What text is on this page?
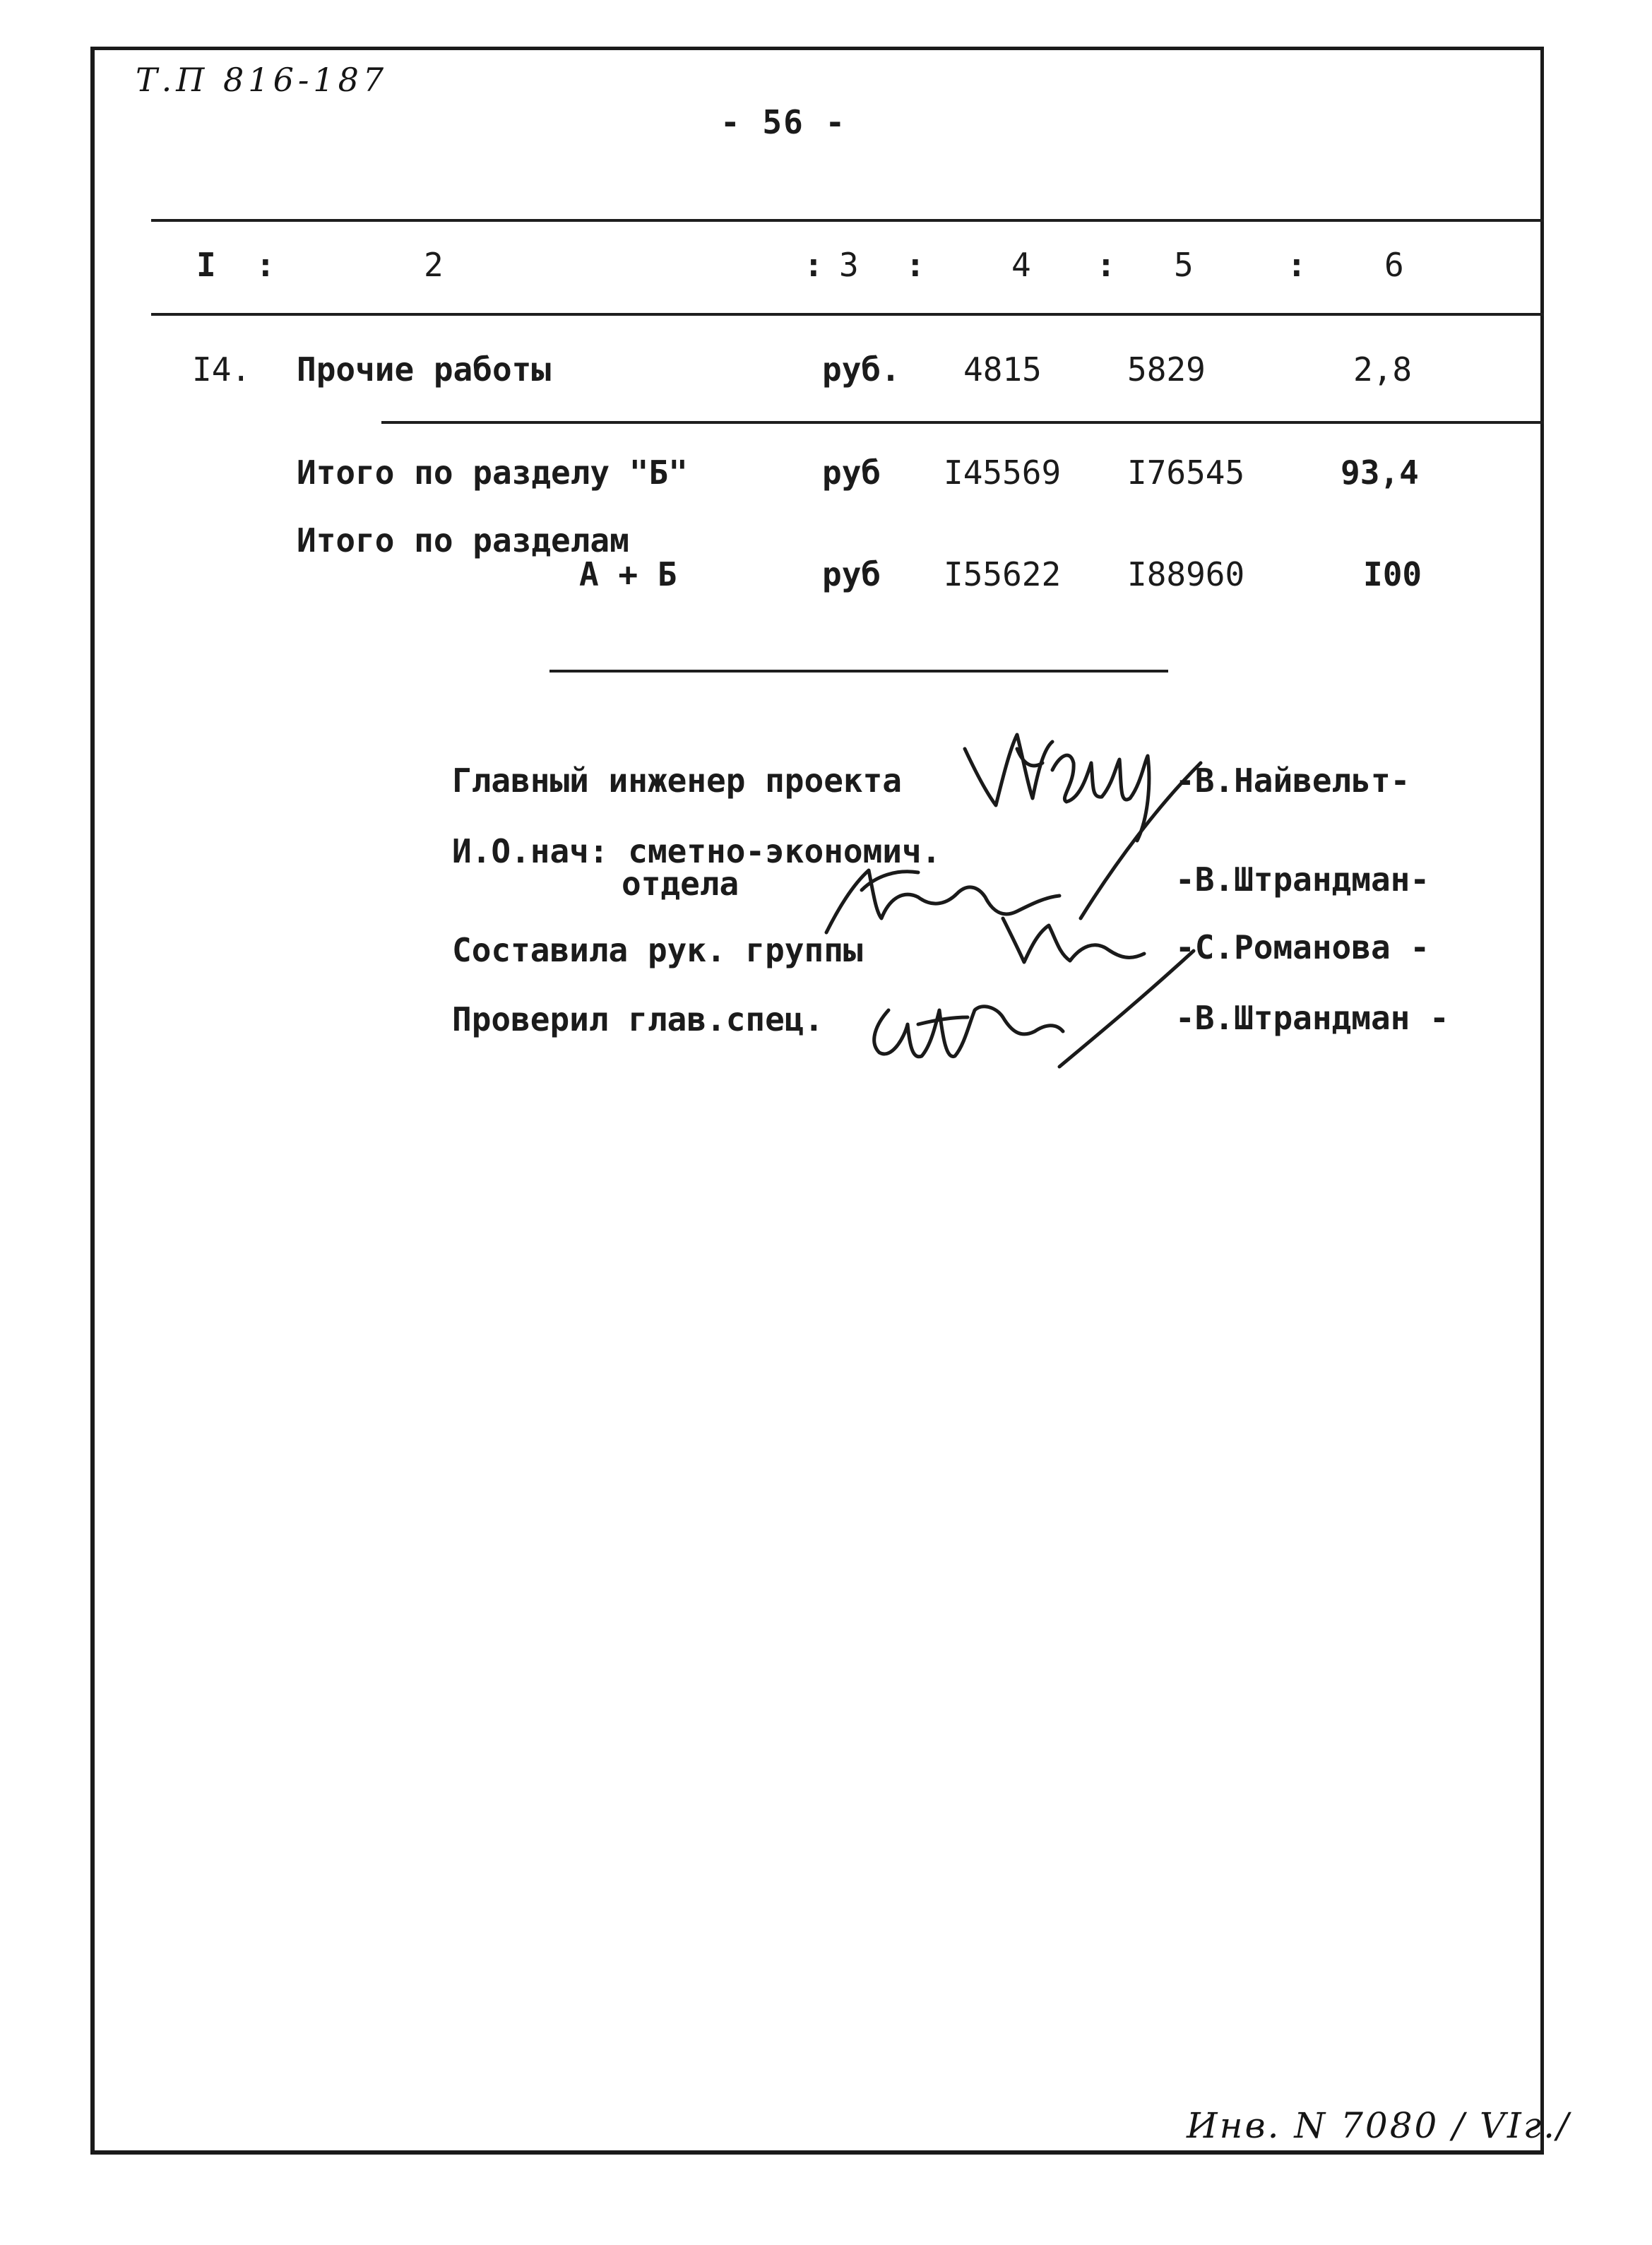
Т.П 816-187
- 56 -
I :	2	: 3 :	4 : 5	: 6
I4. Прочие работы	руб. 4815	5829	2,8
Итого по разделу "Б"	руб I45569 I76545	93,4
Итого по разделам
А + Б	руб I55622 I88960	I00
Главный инженер проекта	-В.Найвельт-
И.О.нач: сметно-экономич.
отдела	-В.Штрандман-
Составила рук. группы	-С.Романова -
Проверил глав.спец.	-В.Штрандман -
Инв. N 7080 / VIг./
